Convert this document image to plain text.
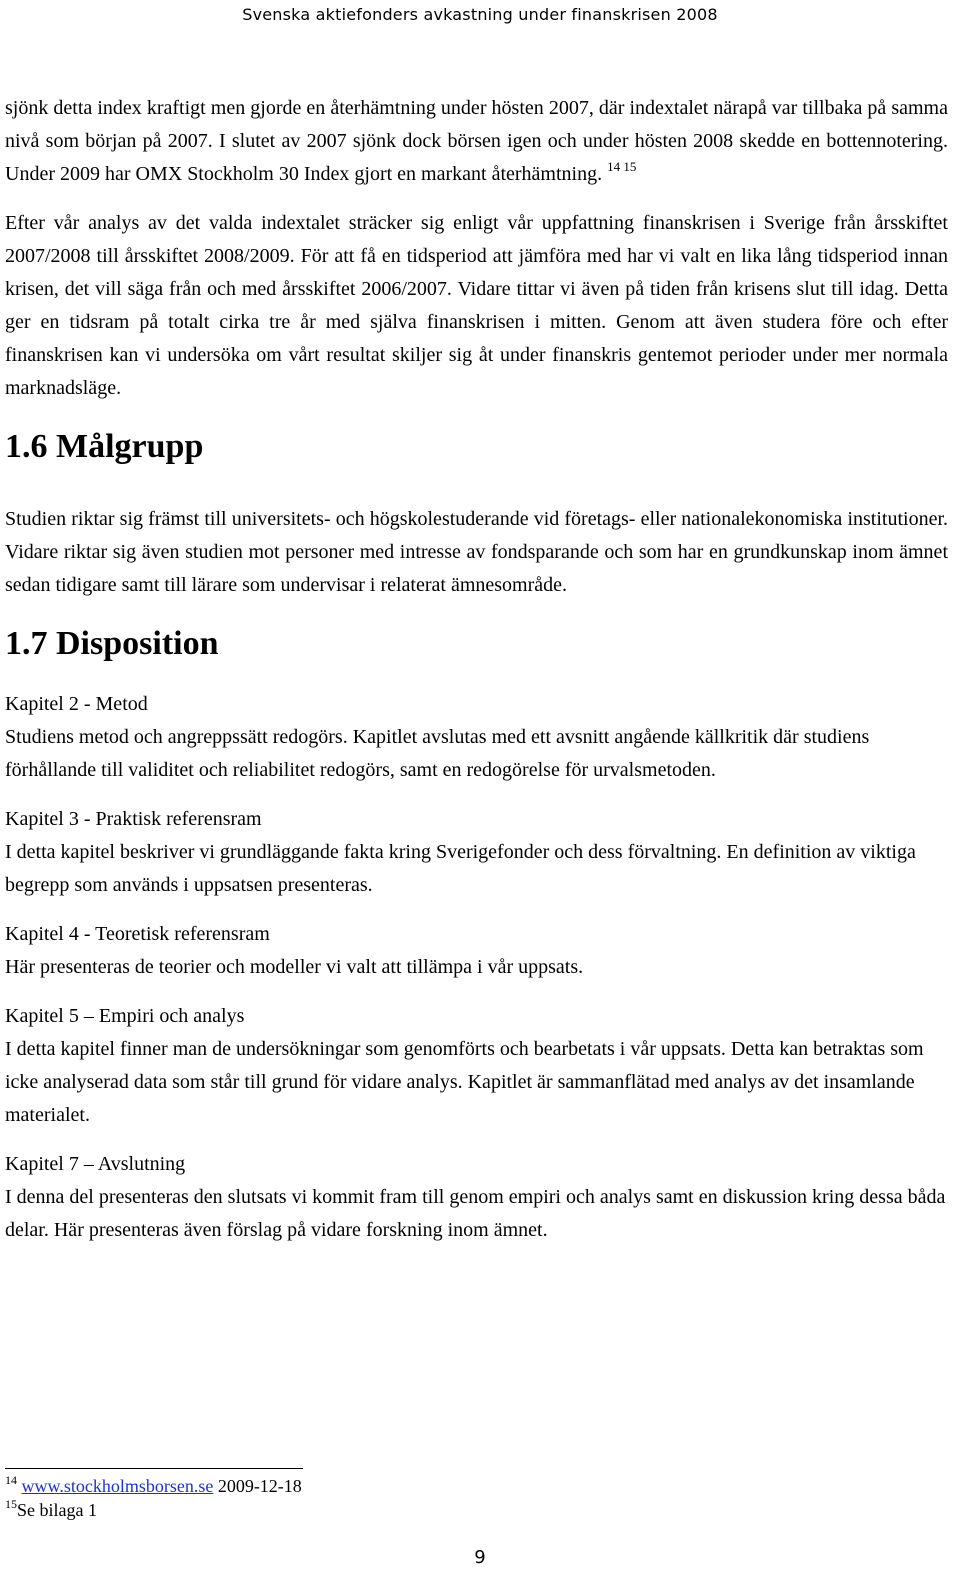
Svenska aktiefonders avkastning under finanskrisen 2008

sjönk detta index kraftigt men gjorde en återhämtning under hösten 2007, där indextalet närapå var tillbaka på samma nivå som början på 2007. I slutet av 2007 sjönk dock börsen igen och under hösten 2008 skedde en bottennotering. Under 2009 har OMX Stockholm 30 Index gjort en markant återhämtning. $^{14 15}$

Efter vår analys av det valda indextalet sträcker sig enligt vår uppfattning finanskrisen i Sverige från årsskiftet 2007/2008 till årsskiftet 2008/2009. För att få en tidsperiod att jämföra med har vi valt en lika lång tidsperiod innan krisen, det vill säga från och med årsskiftet 2006/2007. Vidare tittar vi även på tiden från krisens slut till idag. Detta ger en tidsram på totalt cirka tre år med själva finanskrisen i mitten. Genom att även studera före och efter finanskrisen kan vi undersöka om vårt resultat skiljer sig åt under finanskris gentemot perioder under mer normala marknadsläge.

1.6 Målgrupp

Studien riktar sig främst till universitets- och högskolestuderande vid företags- eller nationalekonomiska institutioner. Vidare riktar sig även studien mot personer med intresse av fondsparande och som har en grundkunskap inom ämnet sedan tidigare samt till lärare som undervisar i relaterat ämnesområde.

1.7 Disposition

Kapitel 2 - Metod

Studiens metod och angreppssätt redogörs. Kapitlet avslutas med ett avsnitt angående källkritik där studiens förhållande till validitet och reliabilitet redogörs, samt en redogörelse för urvalsmetoden.

Kapitel 3 - Praktisk referensram

I detta kapitel beskriver vi grundläggande fakta kring Sverigefonder och dess förvaltning. En definition av viktiga begrepp som används i uppsatsen presenteras.

Kapitel 4 - Teoretisk referensram

Här presenteras de teorier och modeller vi valt att tillämpa i vår uppsats.

Kapitel 5 – Empiri och analys

I detta kapitel finner man de undersökningar som genomförts och bearbetats i vår uppsats. Detta kan betraktas som icke analyserad data som står till grund för vidare analys. Kapitlet är sammanflätad med analys av det insamlande materialet.

Kapitel 7 – Avslutning

I denna del presenteras den slutsats vi kommit fram till genom empiri och analys samt en diskussion kring dessa båda delar. Här presenteras även förslag på vidare forskning inom ämnet.

$^{14}$ www.stockholmsborsen.se 2009-12-18
$^{15}$Se bilaga 1
9
